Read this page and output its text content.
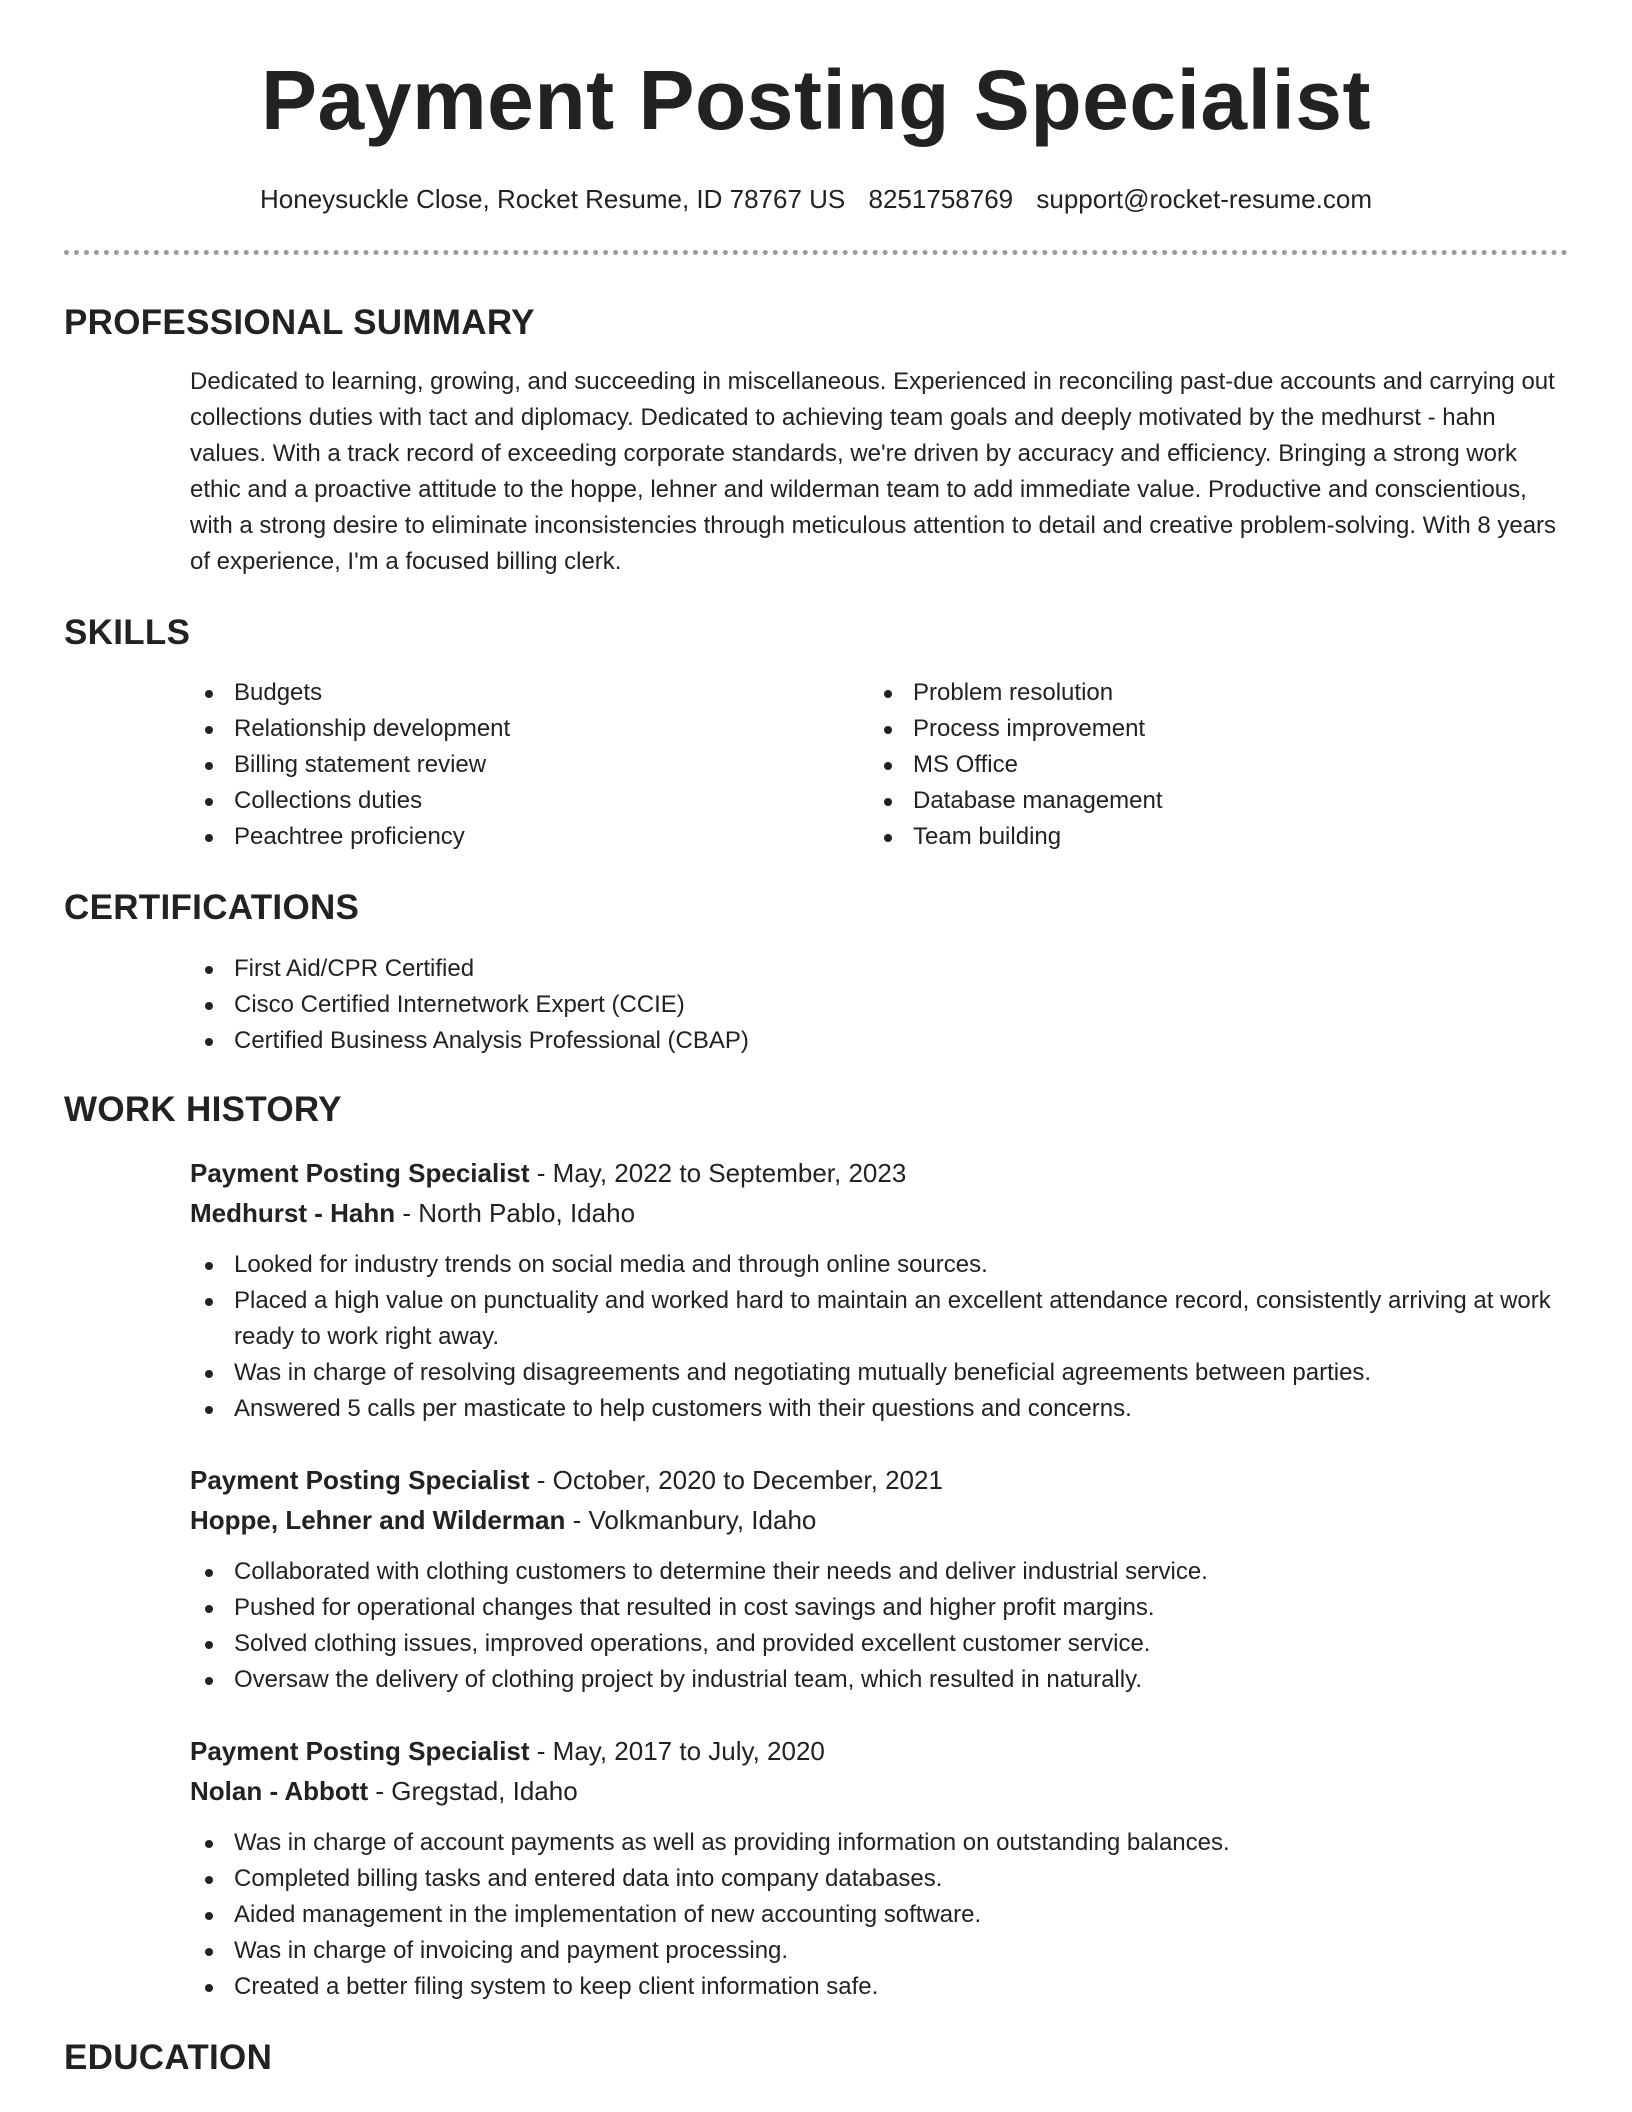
Payment Posting Specialist
Honeysuckle Close, Rocket Resume, ID 78767 US 8251758769 support@rocket-resume.com
PROFESSIONAL SUMMARY
Dedicated to learning, growing, and succeeding in miscellaneous. Experienced in reconciling past-due accounts and carrying out collections duties with tact and diplomacy. Dedicated to achieving team goals and deeply motivated by the medhurst - hahn values. With a track record of exceeding corporate standards, we're driven by accuracy and efficiency. Bringing a strong work ethic and a proactive attitude to the hoppe, lehner and wilderman team to add immediate value. Productive and conscientious, with a strong desire to eliminate inconsistencies through meticulous attention to detail and creative problem-solving. With 8 years of experience, I'm a focused billing clerk.
SKILLS
Budgets
Relationship development
Billing statement review
Collections duties
Peachtree proficiency
Problem resolution
Process improvement
MS Office
Database management
Team building
CERTIFICATIONS
First Aid/CPR Certified
Cisco Certified Internetwork Expert (CCIE)
Certified Business Analysis Professional (CBAP)
WORK HISTORY
Payment Posting Specialist - May, 2022 to September, 2023
Medhurst - Hahn - North Pablo, Idaho
Looked for industry trends on social media and through online sources.
Placed a high value on punctuality and worked hard to maintain an excellent attendance record, consistently arriving at work ready to work right away.
Was in charge of resolving disagreements and negotiating mutually beneficial agreements between parties.
Answered 5 calls per masticate to help customers with their questions and concerns.
Payment Posting Specialist - October, 2020 to December, 2021
Hoppe, Lehner and Wilderman - Volkmanbury, Idaho
Collaborated with clothing customers to determine their needs and deliver industrial service.
Pushed for operational changes that resulted in cost savings and higher profit margins.
Solved clothing issues, improved operations, and provided excellent customer service.
Oversaw the delivery of clothing project by industrial team, which resulted in naturally.
Payment Posting Specialist - May, 2017 to July, 2020
Nolan - Abbott - Gregstad, Idaho
Was in charge of account payments as well as providing information on outstanding balances.
Completed billing tasks and entered data into company databases.
Aided management in the implementation of new accounting software.
Was in charge of invoicing and payment processing.
Created a better filing system to keep client information safe.
EDUCATION
